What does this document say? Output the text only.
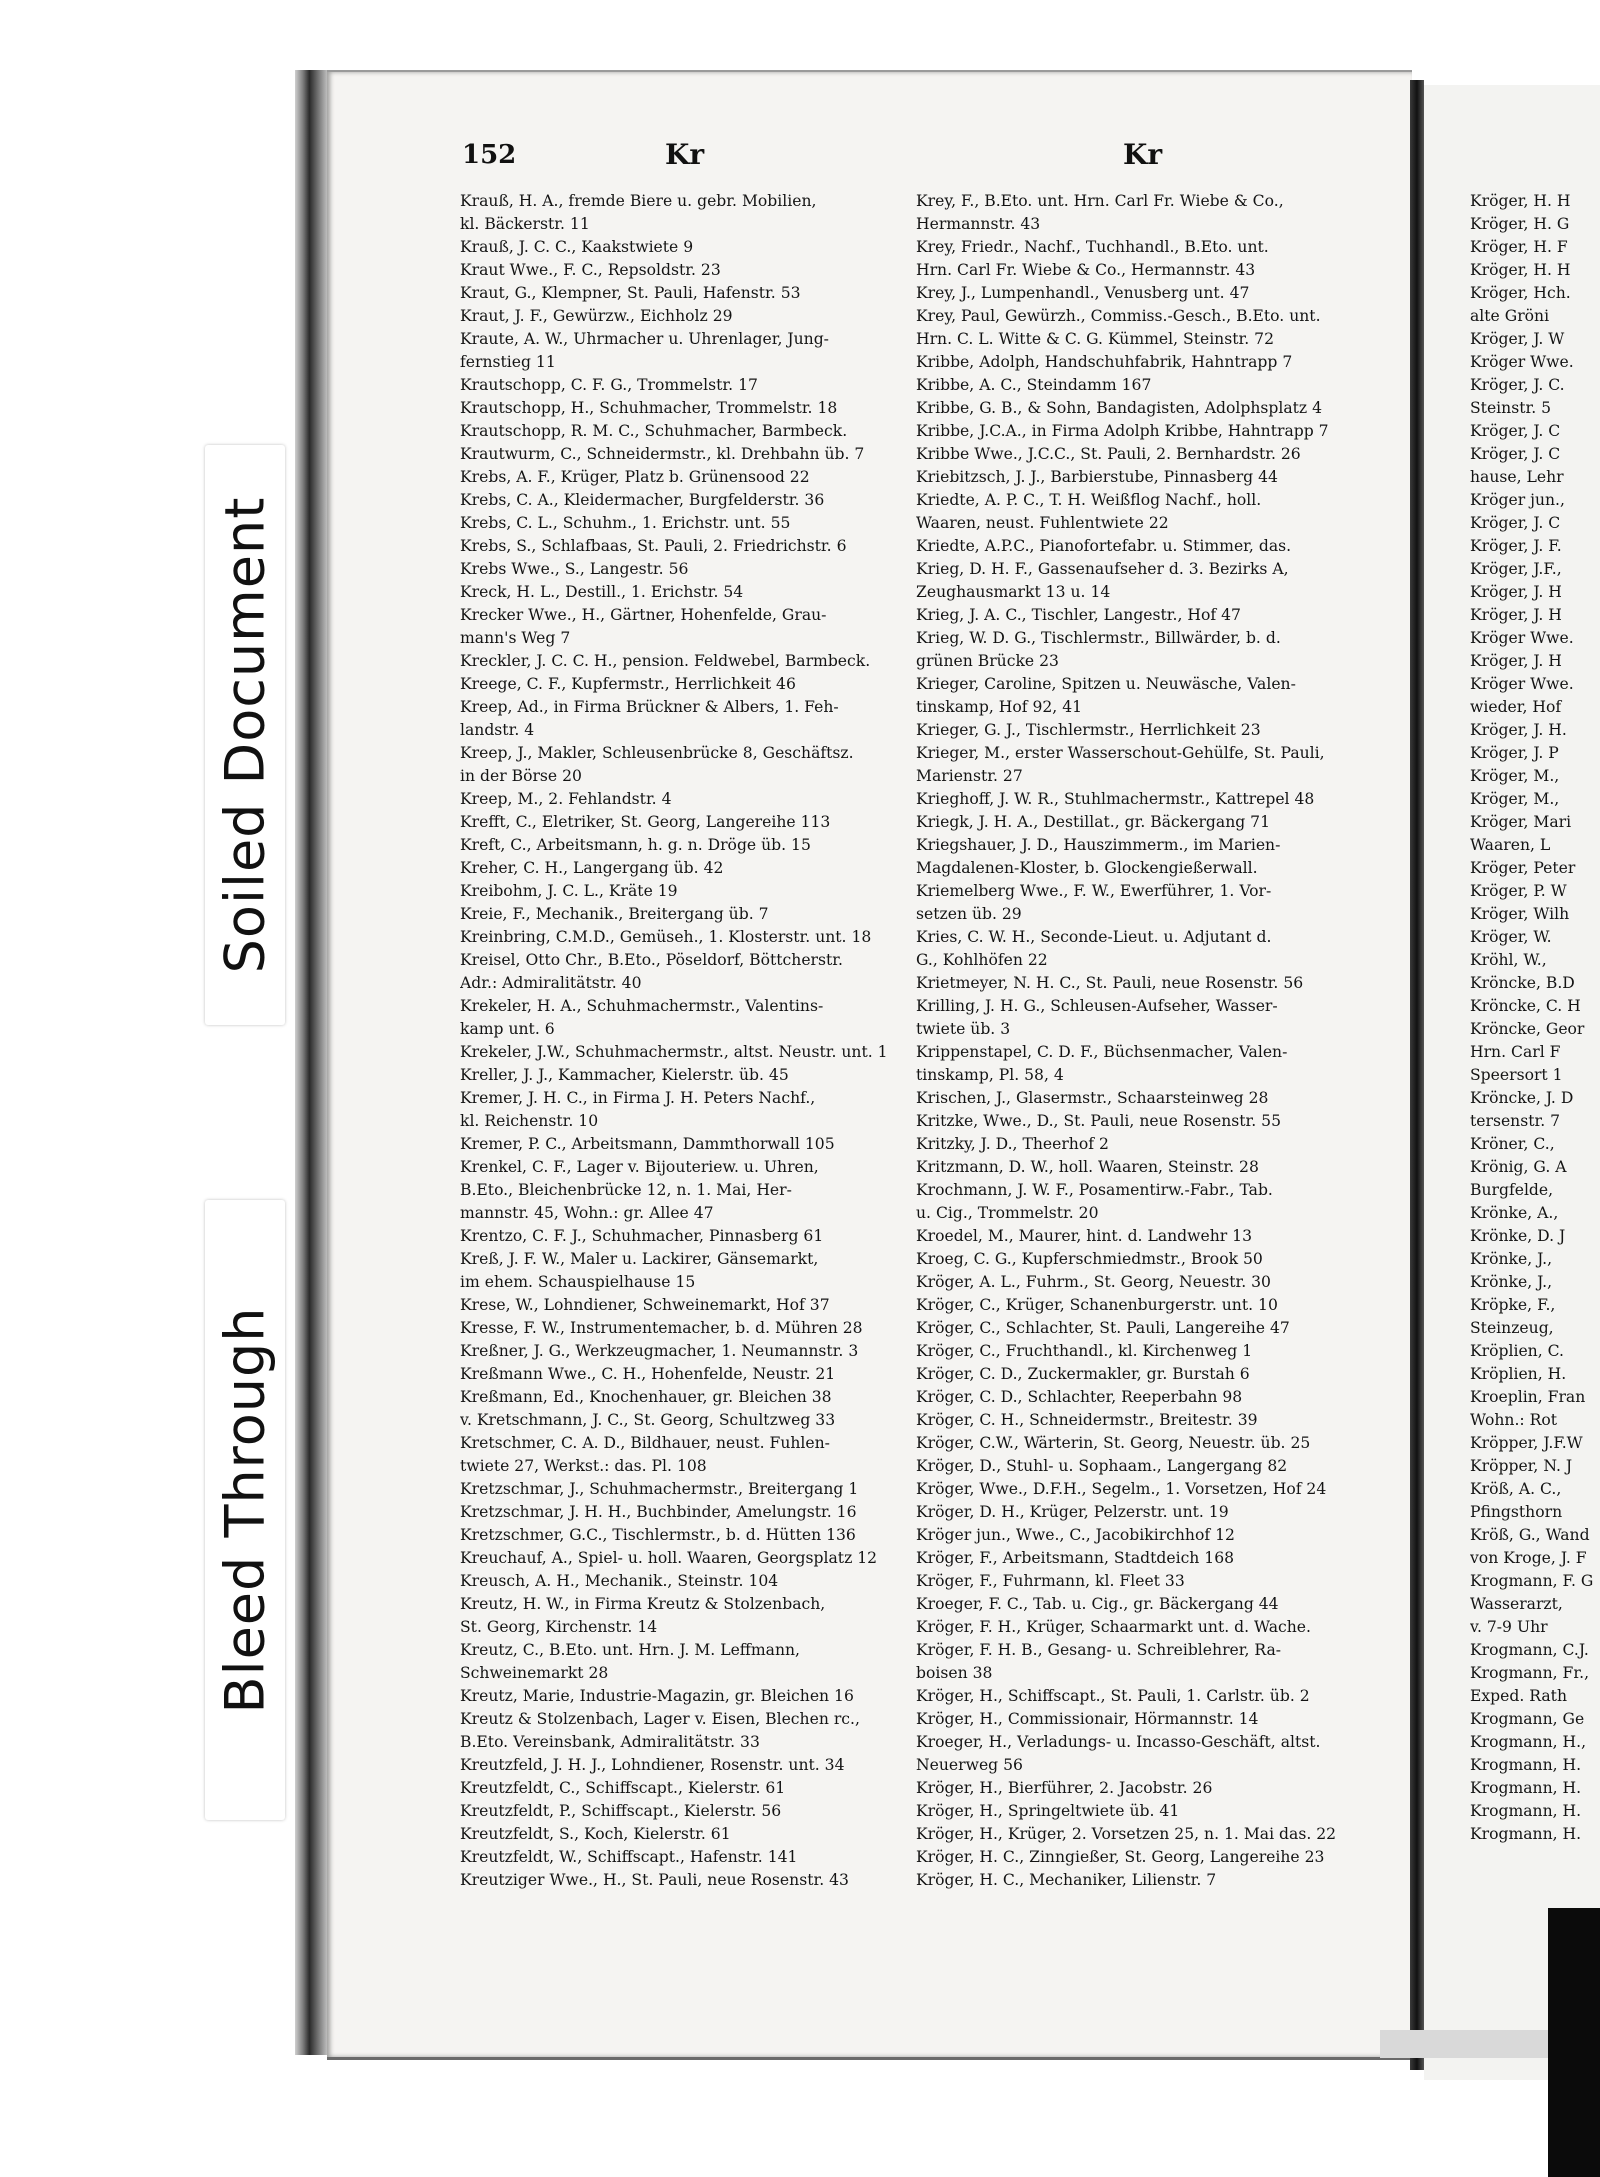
Soiled Document
Bleed Through
152	Kr	Kr
Krauß, H. A., fremde Biere u. gebr. Mobilien,
kl. Bäckerstr. 11
Krauß, J. C. C., Kaakstwiete 9
Kraut Wwe., F. C., Repsoldstr. 23
Kraut, G., Klempner, St. Pauli, Hafenstr. 53
Kraut, J. F., Gewürzw., Eichholz 29
Kraute, A. W., Uhrmacher u. Uhrenlager, Jung-
fernstieg 11
Krautschopp, C. F. G., Trommelstr. 17
Krautschopp, H., Schuhmacher, Trommelstr. 18
Krautschopp, R. M. C., Schuhmacher, Barmbeck.
Krautwurm, C., Schneidermstr., kl. Drehbahn üb. 7
Krebs, A. F., Krüger, Platz b. Grünensood 22
Krebs, C. A., Kleidermacher, Burgfelderstr. 36
Krebs, C. L., Schuhm., 1. Erichstr. unt. 55
Krebs, S., Schlafbaas, St. Pauli, 2. Friedrichstr. 6
Krebs Wwe., S., Langestr. 56
Kreck, H. L., Destill., 1. Erichstr. 54
Krecker Wwe., H., Gärtner, Hohenfelde, Grau-
mann's Weg 7
Kreckler, J. C. C. H., pension. Feldwebel, Barmbeck.
Kreege, C. F., Kupfermstr., Herrlichkeit 46
Kreep, Ad., in Firma Brückner & Albers, 1. Feh-
landstr. 4
Kreep, J., Makler, Schleusenbrücke 8, Geschäftsz.
in der Börse 20
Kreep, M., 2. Fehlandstr. 4
Krefft, C., Eletriker, St. Georg, Langereihe 113
Kreft, C., Arbeitsmann, h. g. n. Dröge üb. 15
Kreher, C. H., Langergang üb. 42
Kreibohm, J. C. L., Kräte 19
Kreie, F., Mechanik., Breitergang üb. 7
Kreinbring, C.M.D., Gemüseh., 1. Klosterstr. unt. 18
Kreisel, Otto Chr., B.Eto., Pöseldorf, Böttcherstr.
Adr.: Admiralitätstr. 40
Krekeler, H. A., Schuhmachermstr., Valentins-
kamp unt. 6
Krekeler, J.W., Schuhmachermstr., altst. Neustr. unt. 1
Kreller, J. J., Kammacher, Kielerstr. üb. 45
Kremer, J. H. C., in Firma J. H. Peters Nachf.,
kl. Reichenstr. 10
Kremer, P. C., Arbeitsmann, Dammthorwall 105
Krenkel, C. F., Lager v. Bijouteriew. u. Uhren,
B.Eto., Bleichenbrücke 12, n. 1. Mai, Her-
mannstr. 45, Wohn.: gr. Allee 47
Krentzo, C. F. J., Schuhmacher, Pinnasberg 61
Kreß, J. F. W., Maler u. Lackirer, Gänsemarkt,
im ehem. Schauspielhause 15
Krese, W., Lohndiener, Schweinemarkt, Hof 37
Kresse, F. W., Instrumentemacher, b. d. Mühren 28
Kreßner, J. G., Werkzeugmacher, 1. Neumannstr. 3
Kreßmann Wwe., C. H., Hohenfelde, Neustr. 21
Kreßmann, Ed., Knochenhauer, gr. Bleichen 38
v. Kretschmann, J. C., St. Georg, Schultzweg 33
Kretschmer, C. A. D., Bildhauer, neust. Fuhlen-
twiete 27, Werkst.: das. Pl. 108
Kretzschmar, J., Schuhmachermstr., Breitergang 1
Kretzschmar, J. H. H., Buchbinder, Amelungstr. 16
Kretzschmer, G.C., Tischlermstr., b. d. Hütten 136
Kreuchauf, A., Spiel- u. holl. Waaren, Georgsplatz 12
Kreusch, A. H., Mechanik., Steinstr. 104
Kreutz, H. W., in Firma Kreutz & Stolzenbach,
St. Georg, Kirchenstr. 14
Kreutz, C., B.Eto. unt. Hrn. J. M. Leffmann,
Schweinemarkt 28
Kreutz, Marie, Industrie-Magazin, gr. Bleichen 16
Kreutz & Stolzenbach, Lager v. Eisen, Blechen rc.,
B.Eto. Vereinsbank, Admiralitätstr. 33
Kreutzfeld, J. H. J., Lohndiener, Rosenstr. unt. 34
Kreutzfeldt, C., Schiffscapt., Kielerstr. 61
Kreutzfeldt, P., Schiffscapt., Kielerstr. 56
Kreutzfeldt, S., Koch, Kielerstr. 61
Kreutzfeldt, W., Schiffscapt., Hafenstr. 141
Kreutziger Wwe., H., St. Pauli, neue Rosenstr. 43
Krey, F., B.Eto. unt. Hrn. Carl Fr. Wiebe & Co.,
Hermannstr. 43
Krey, Friedr., Nachf., Tuchhandl., B.Eto. unt.
Hrn. Carl Fr. Wiebe & Co., Hermannstr. 43
Krey, J., Lumpenhandl., Venusberg unt. 47
Krey, Paul, Gewürzh., Commiss.-Gesch., B.Eto. unt.
Hrn. C. L. Witte & C. G. Kümmel, Steinstr. 72
Kribbe, Adolph, Handschuhfabrik, Hahntrapp 7
Kribbe, A. C., Steindamm 167
Kribbe, G. B., & Sohn, Bandagisten, Adolphsplatz 4
Kribbe, J.C.A., in Firma Adolph Kribbe, Hahntrapp 7
Kribbe Wwe., J.C.C., St. Pauli, 2. Bernhardstr. 26
Kriebitzsch, J. J., Barbierstube, Pinnasberg 44
Kriedte, A. P. C., T. H. Weißflog Nachf., holl.
Waaren, neust. Fuhlentwiete 22
Kriedte, A.P.C., Pianofortefabr. u. Stimmer, das.
Krieg, D. H. F., Gassenaufseher d. 3. Bezirks A,
Zeughausmarkt 13 u. 14
Krieg, J. A. C., Tischler, Langestr., Hof 47
Krieg, W. D. G., Tischlermstr., Billwärder, b. d.
grünen Brücke 23
Krieger, Caroline, Spitzen u. Neuwäsche, Valen-
tinskamp, Hof 92, 41
Krieger, G. J., Tischlermstr., Herrlichkeit 23
Krieger, M., erster Wasserschout-Gehülfe, St. Pauli,
Marienstr. 27
Krieghoff, J. W. R., Stuhlmachermstr., Kattrepel 48
Kriegk, J. H. A., Destillat., gr. Bäckergang 71
Kriegshauer, J. D., Hauszimmerm., im Marien-
Magdalenen-Kloster, b. Glockengießerwall.
Kriemelberg Wwe., F. W., Ewerführer, 1. Vor-
setzen üb. 29
Kries, C. W. H., Seconde-Lieut. u. Adjutant d.
G., Kohlhöfen 22
Krietmeyer, N. H. C., St. Pauli, neue Rosenstr. 56
Krilling, J. H. G., Schleusen-Aufseher, Wasser-
twiete üb. 3
Krippenstapel, C. D. F., Büchsenmacher, Valen-
tinskamp, Pl. 58, 4
Krischen, J., Glasermstr., Schaarsteinweg 28
Kritzke, Wwe., D., St. Pauli, neue Rosenstr. 55
Kritzky, J. D., Theerhof 2
Kritzmann, D. W., holl. Waaren, Steinstr. 28
Krochmann, J. W. F., Posamentirw.-Fabr., Tab.
u. Cig., Trommelstr. 20
Kroedel, M., Maurer, hint. d. Landwehr 13
Kroeg, C. G., Kupferschmiedmstr., Brook 50
Kröger, A. L., Fuhrm., St. Georg, Neuestr. 30
Kröger, C., Krüger, Schanenburgerstr. unt. 10
Kröger, C., Schlachter, St. Pauli, Langereihe 47
Kröger, C., Fruchthandl., kl. Kirchenweg 1
Kröger, C. D., Zuckermakler, gr. Burstah 6
Kröger, C. D., Schlachter, Reeperbahn 98
Kröger, C. H., Schneidermstr., Breitestr. 39
Kröger, C.W., Wärterin, St. Georg, Neuestr. üb. 25
Kröger, D., Stuhl- u. Sophaam., Langergang 82
Kröger, Wwe., D.F.H., Segelm., 1. Vorsetzen, Hof 24
Kröger, D. H., Krüger, Pelzerstr. unt. 19
Kröger jun., Wwe., C., Jacobikirchhof 12
Kröger, F., Arbeitsmann, Stadtdeich 168
Kröger, F., Fuhrmann, kl. Fleet 33
Kroeger, F. C., Tab. u. Cig., gr. Bäckergang 44
Kröger, F. H., Krüger, Schaarmarkt unt. d. Wache.
Kröger, F. H. B., Gesang- u. Schreiblehrer, Ra-
boisen 38
Kröger, H., Schiffscapt., St. Pauli, 1. Carlstr. üb. 2
Kröger, H., Commissionair, Hörmannstr. 14
Kroeger, H., Verladungs- u. Incasso-Geschäft, altst.
Neuerweg 56
Kröger, H., Bierführer, 2. Jacobstr. 26
Kröger, H., Springeltwiete üb. 41
Kröger, H., Krüger, 2. Vorsetzen 25, n. 1. Mai das. 22
Kröger, H. C., Zinngießer, St. Georg, Langereihe 23
Kröger, H. C., Mechaniker, Lilienstr. 7
Kröger, H. H
Kröger, H. G
Kröger, H. F
Kröger, H. H
Kröger, Hch.
alte Gröni
Kröger, J. W
Kröger Wwe.
Kröger, J. C.
Steinstr. 5
Kröger, J. C
Kröger, J. C
hause, Lehr
Kröger jun.,
Kröger, J. C
Kröger, J. F.
Kröger, J.F.,
Kröger, J. H
Kröger, J. H
Kröger Wwe.
Kröger, J. H
Kröger Wwe.
wieder, Hof
Kröger, J. H.
Kröger, J. P
Kröger, M.,
Kröger, M.,
Kröger, Mari
Waaren, L
Kröger, Peter
Kröger, P. W
Kröger, Wilh
Kröger, W.
Kröhl, W.,
Kröncke, B.D
Kröncke, C. H
Kröncke, Geor
Hrn. Carl F
Speersort 1
Kröncke, J. D
tersenstr. 7
Kröner, C.,
Krönig, G. A
Burgfelde,
Krönke, A.,
Krönke, D. J
Krönke, J.,
Krönke, J.,
Kröpke, F.,
Steinzeug,
Kröplien, C.
Kröplien, H.
Kroeplin, Fran
Wohn.: Rot
Kröpper, J.F.W
Kröpper, N. J
Kröß, A. C.,
Pfingsthorn
Kröß, G., Wand
von Kroge, J. F
Krogmann, F. G
Wasserarzt,
v. 7-9 Uhr
Krogmann, C.J.
Krogmann, Fr.,
Exped. Rath
Krogmann, Ge
Krogmann, H.,
Krogmann, H.
Krogmann, H.
Krogmann, H.
Krogmann, H.
